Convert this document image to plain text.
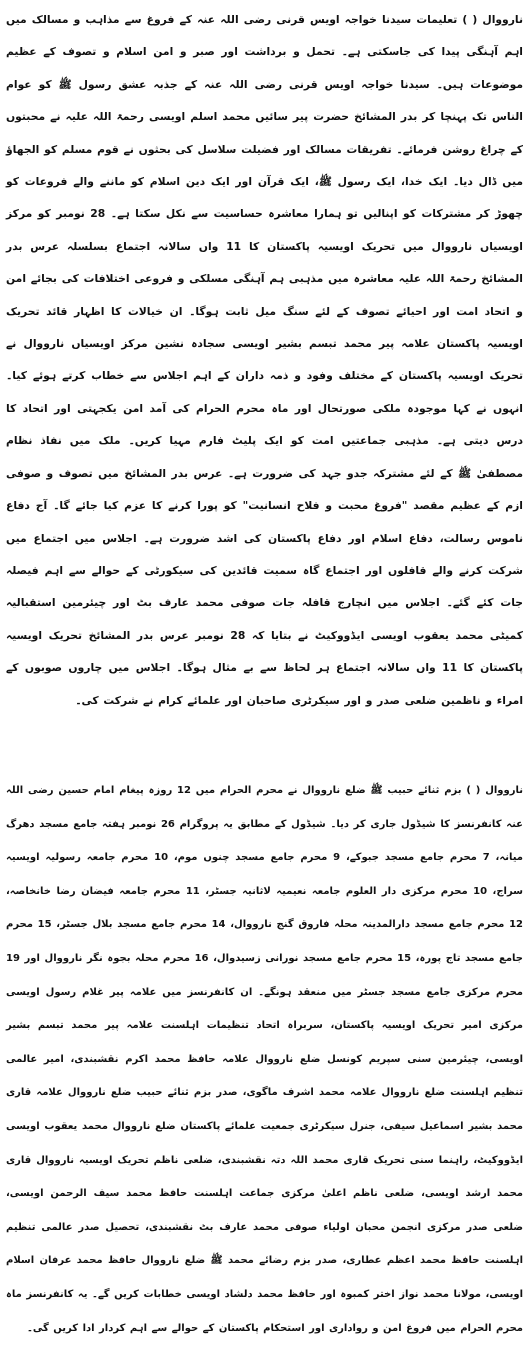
نارووال ( ) تعلیمات سیدنا خواجہ اویس قرنی رضی اللہ عنہ کے فروغ سے مذاہب و مسالک میں اہم آہنگی پیدا کی جاسکتی ہے۔ تحمل و برداشت اور صبر و امن اسلام و تصوف کے عظیم موضوعات ہیں۔ سیدنا خواجہ اویس قرنی رضی اللہ عنہ کے جذبہ عشق رسول ﷺ کو عوام الناس تک پہنچا کر بدر المشائخ حضرت پیر سائیں محمد اسلم اویسی رحمۃ اللہ علیہ نے محبتوں کے چراغ روشن فرمائے۔ تفریقات مسالک اور فضیلت سلاسل کی بحثوں نے قوم مسلم کو الجھاؤ میں ڈال دیا۔ ایک خدا، ایک رسول ﷺ، ایک قرآن اور ایک دین اسلام کو ماننے والے فروعات کو چھوڑ کر مشترکات کو اپنالیں تو ہمارا معاشرہ حساسیت سے نکل سکتا ہے۔ 28 نومبر کو مرکز اویسیاں نارووال میں تحریک اویسیہ پاکستان کا 11 واں سالانہ اجتماع بسلسلہ عرس بدر المشائخ رحمۃ اللہ علیہ معاشرہ میں مذہبی ہم آہنگی مسلکی و فروعی اختلافات کی بجائے امن و اتحاد امت اور احیائے تصوف کے لئے سنگ میل ثابت ہوگا۔ ان خیالات کا اظہار قائد تحریک اویسیہ پاکستان علامہ پیر محمد تبسم بشیر اویسی سجادہ نشین مرکز اویسیاں نارووال نے تحریک اویسیہ پاکستان کے مختلف وفود و ذمہ داران کے اہم اجلاس سے خطاب کرتے ہوئے کیا۔ انہوں نے کہا موجودہ ملکی صورتحال اور ماہ محرم الحرام کی آمد امن یکجہتی اور اتحاد کا درس دیتی ہے۔ مذہبی جماعتیں امت کو ایک پلیٹ فارم مہیا کریں۔ ملک میں نفاذ نظام مصطفیٰ ﷺ کے لئے مشترکہ جدو جہد کی ضرورت ہے۔ عرس بدر المشائخ میں تصوف و صوفی ازم کے عظیم مقصد "فروغ محبت و فلاح انسانیت" کو پورا کرنے کا عزم کیا جائے گا۔ آج دفاع ناموس رسالت، دفاع اسلام اور دفاع پاکستان کی اشد ضرورت ہے۔ اجلاس میں اجتماع میں شرکت کرنے والے قافلوں اور اجتماع گاہ سمیت قائدین کی سیکورٹی کے حوالے سے اہم فیصلہ جات کئے گئے۔ اجلاس میں انچارج قافلہ جات صوفی محمد عارف بٹ اور چیئرمین استقبالیہ کمیٹی محمد یعقوب اویسی ایڈووکیٹ نے بتایا کہ 28 نومبر عرس بدر المشائخ تحریک اویسیہ پاکستان کا 11 واں سالانہ اجتماع ہر لحاظ سے بے مثال ہوگا۔ اجلاس میں چاروں صوبوں کے امراء و ناظمین ضلعی صدر و اور سیکرٹری صاحبان اور علمائے کرام نے شرکت کی۔
نارووال ( ) بزم ثنائے حبیب ﷺ ضلع نارووال نے محرم الحرام میں 12 روزہ پیغام امام حسین رضی اللہ عنہ کانفرنسز کا شیڈول جاری کر دیا۔ شیڈول کے مطابق یہ پروگرام 26 نومبر ہفتہ جامع مسجد دھرگ میانہ، 7 محرم جامع مسجد جبوکے، 9 محرم جامع مسجد چنوں موم، 10 محرم جامعہ رسولیہ اویسیہ سراج، 10 محرم مرکزی دار العلوم جامعہ نعیمیہ لاثانیہ جسٹر، 11 محرم جامعہ فیضان رضا خانخاصہ، 12 محرم جامع مسجد دارالمدینہ محلہ فاروق گنج نارووال، 14 محرم جامع مسجد بلال جسٹر، 15 محرم جامع مسجد تاج پورہ، 15 محرم جامع مسجد نورانی زسیدوال، 16 محرم محلہ بجوہ نگر نارووال اور 19 محرم مرکزی جامع مسجد جسٹر میں منعقد ہونگے۔ ان کانفرنسز میں علامہ پیر غلام رسول اویسی مرکزی امیر تحریک اویسیہ پاکستان، سربراہ اتحاد تنظیمات اہلسنت علامہ پیر محمد تبسم بشیر اویسی، چیئرمین سنی سپریم کونسل ضلع نارووال علامہ حافظ محمد اکرم نقشبندی، امیر عالمی تنظیم اہلسنت ضلع نارووال علامہ محمد اشرف ماگوی، صدر بزم ثنائے حبیب ضلع نارووال علامہ قاری محمد بشیر اسماعیل سیفی، جنرل سیکرٹری جمعیت علمائے پاکستان ضلع نارووال محمد یعقوب اویسی ایڈووکیٹ، راہنما سنی تحریک قاری محمد اللہ دتہ نقشبندی، ضلعی ناظم تحریک اویسیہ نارووال قاری محمد ارشد اویسی، ضلعی ناظم اعلیٰ مرکزی جماعت اہلسنت حافظ محمد سیف الرحمن اویسی، ضلعی صدر مرکزی انجمن محبان اولیاء صوفی محمد عارف بٹ نقشبندی، تحصیل صدر عالمی تنظیم اہلسنت حافظ محمد اعظم عطاری، صدر بزم رضائے محمد ﷺ ضلع نارووال حافظ محمد عرفان اسلام اویسی، مولانا محمد نواز اختر کمبوہ اور حافظ محمد دلشاد اویسی خطابات کریں گے۔ یہ کانفرنسز ماہ محرم الحرام میں فروغ امن و رواداری اور استحکام پاکستان کے حوالے سے اہم کردار ادا کریں گی۔
